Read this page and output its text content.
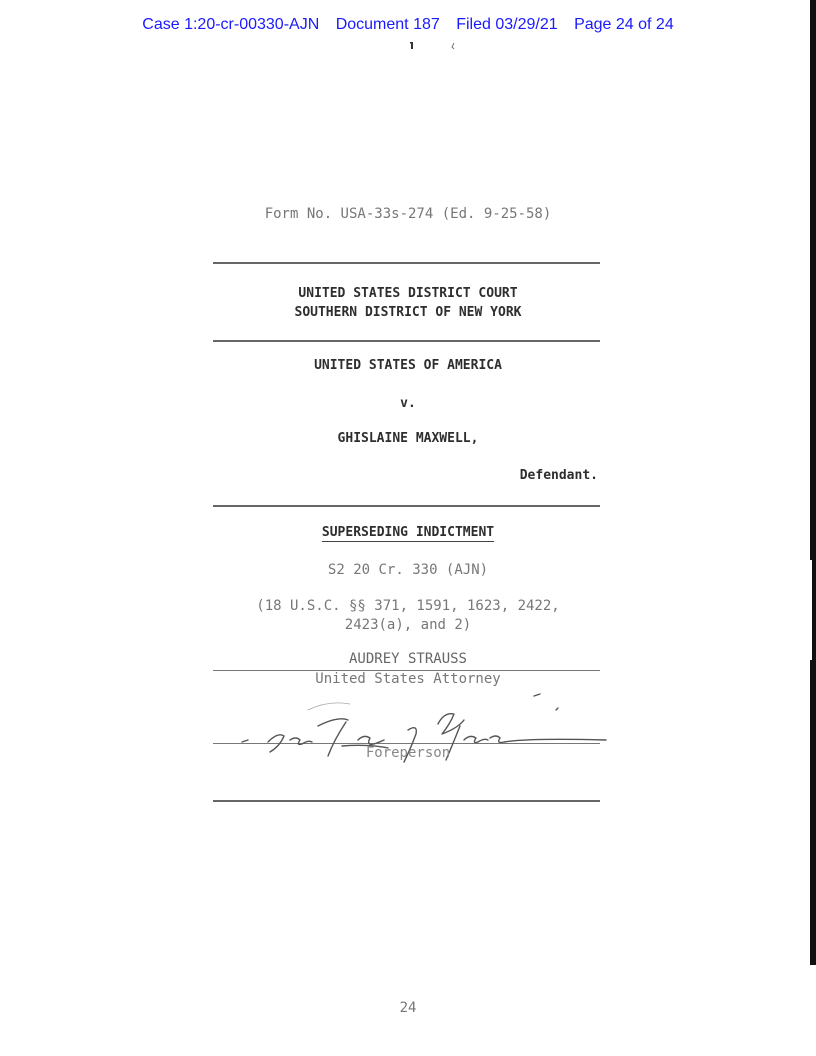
Case 1:20-cr-00330-AJN Document 187 Filed 03/29/21 Page 24 of 24
Form No. USA-33s-274 (Ed. 9-25-58)
UNITED STATES DISTRICT COURT
SOUTHERN DISTRICT OF NEW YORK
UNITED STATES OF AMERICA
v.
GHISLAINE MAXWELL,
Defendant.
SUPERSEDING INDICTMENT
S2 20 Cr. 330 (AJN)
(18 U.S.C. §§ 371, 1591, 1623, 2422,
2423(a), and 2)
AUDREY STRAUSS
United States Attorney
Foreperson
24
